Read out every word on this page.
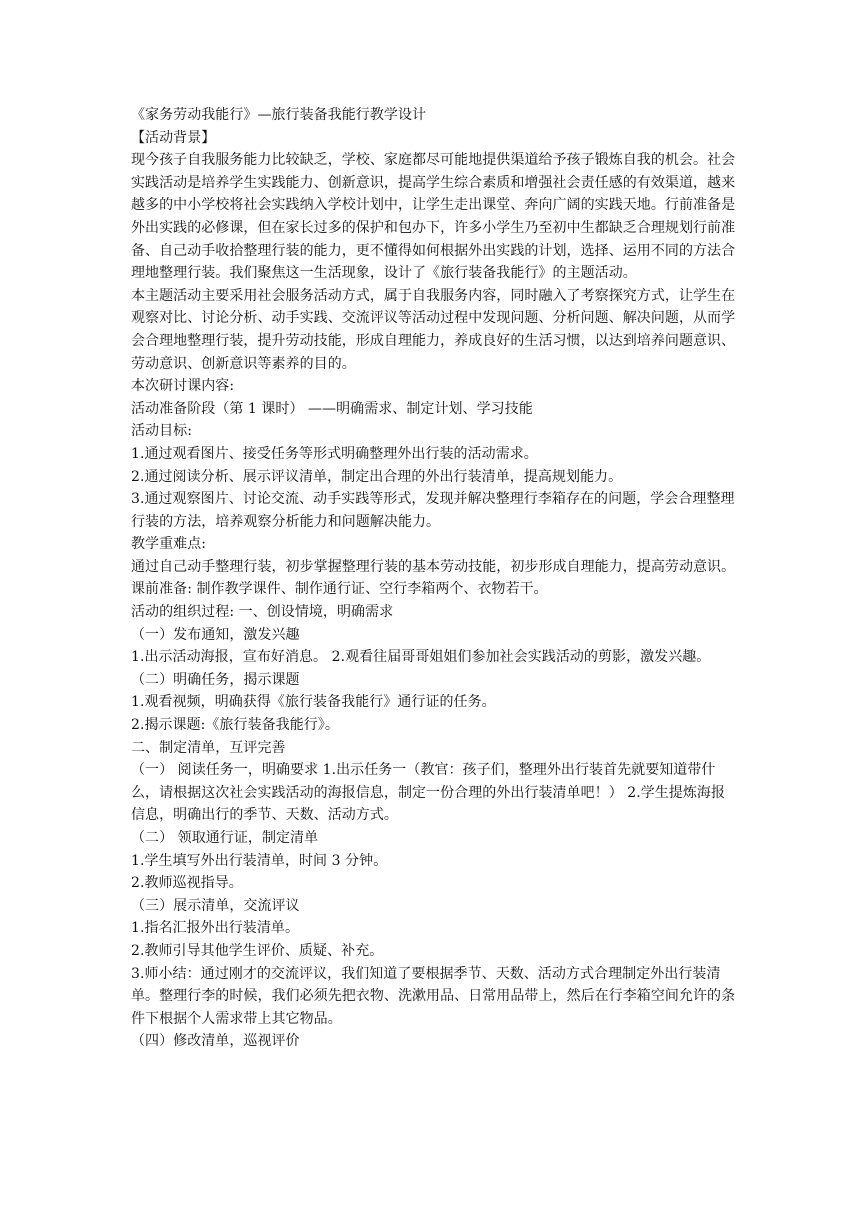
《家务劳动我能行》—旅行装备我能行教学设计

【活动背景】

现今孩子自我服务能力比较缺乏，学校、家庭都尽可能地提供渠道给予孩子锻炼自我的机会。社会实践活动是培养学生实践能力、创新意识，提高学生综合素质和增强社会责任感的有效渠道，越来越多的中小学校将社会实践纳入学校计划中，让学生走出课堂、奔向广阔的实践天地。行前准备是外出实践的必修课，但在家长过多的保护和包办下，许多小学生乃至初中生都缺乏合理规划行前准备、自己动手收拾整理行装的能力，更不懂得如何根据外出实践的计划，选择、运用不同的方法合理地整理行装。我们聚焦这一生活现象，设计了《旅行装备我能行》的主题活动。

本主题活动主要采用社会服务活动方式，属于自我服务内容，同时融入了考察探究方式，让学生在观察对比、讨论分析、动手实践、交流评议等活动过程中发现问题、分析问题、解决问题，从而学会合理地整理行装，提升劳动技能，形成自理能力，养成良好的生活习惯，以达到培养问题意识、劳动意识、创新意识等素养的目的。

本次研讨课内容:

活动准备阶段（第 1 课时） ——明确需求、制定计划、学习技能

活动目标:

1.通过观看图片、接受任务等形式明确整理外出行装的活动需求。

2.通过阅读分析、展示评议清单，制定出合理的外出行装清单，提高规划能力。

3.通过观察图片、讨论交流、动手实践等形式，发现并解决整理行李箱存在的问题，学会合理整理行装的方法，培养观察分析能力和问题解决能力。

教学重难点:

通过自己动手整理行装，初步掌握整理行装的基本劳动技能，初步形成自理能力，提高劳动意识。

课前准备: 制作教学课件、制作通行证、空行李箱两个、衣物若干。

活动的组织过程: 一、创设情境，明确需求

（一）发布通知，激发兴趣

1.出示活动海报，宣布好消息。 2.观看往届哥哥姐姐们参加社会实践活动的剪影，激发兴趣。

（二）明确任务，揭示课题

1.观看视频，明确获得《旅行装备我能行》通行证的任务。

2.揭示课题:《旅行装备我能行》。

二、制定清单，互评完善

（一） 阅读任务一，明确要求 1.出示任务一（教官：孩子们，整理外出行装首先就要知道带什么，请根据这次社会实践活动的海报信息，制定一份合理的外出行装清单吧！） 2.学生提炼海报信息，明确出行的季节、天数、活动方式。

（二） 领取通行证，制定清单

1.学生填写外出行装清单，时间 3 分钟。

2.教师巡视指导。

（三）展示清单，交流评议

1.指名汇报外出行装清单。

2.教师引导其他学生评价、质疑、补充。

3.师小结：通过刚才的交流评议，我们知道了要根据季节、天数、活动方式合理制定外出行装清单。整理行李的时候，我们必须先把衣物、洗漱用品、日常用品带上，然后在行李箱空间允许的条件下根据个人需求带上其它物品。

（四）修改清单，巡视评价
